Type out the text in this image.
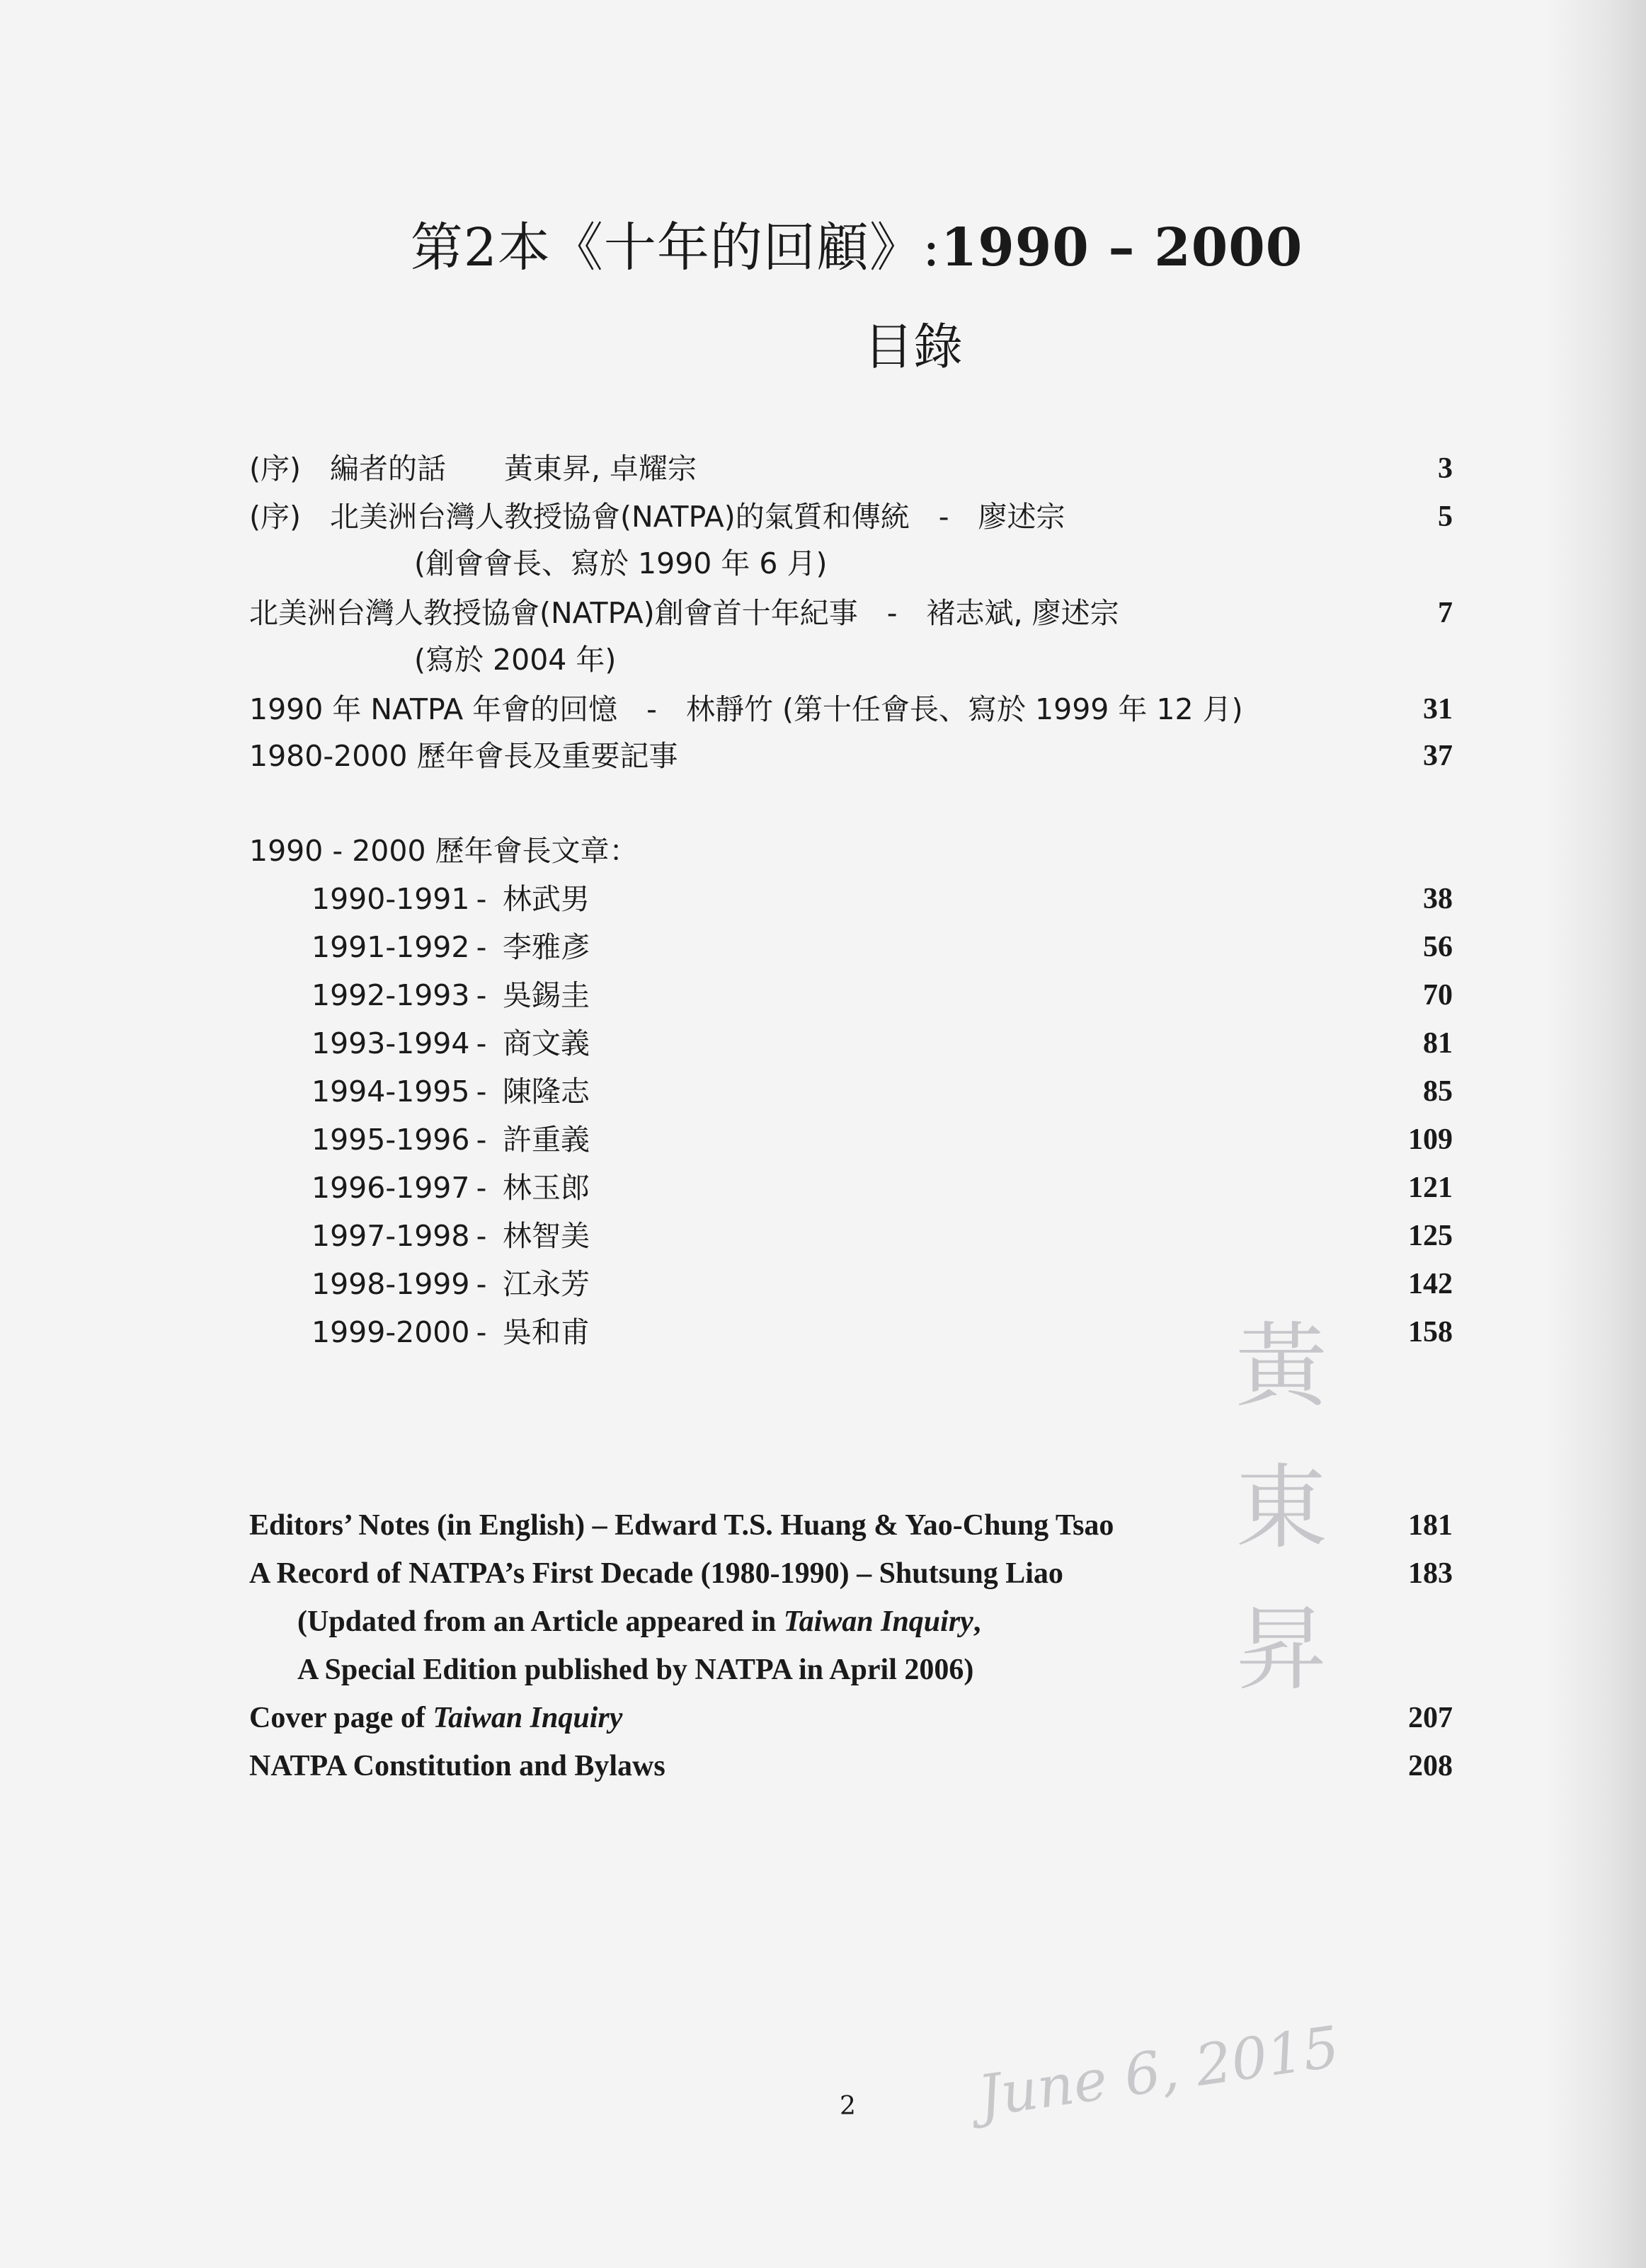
第2本《十年的回顧》:1990 – 2000
目錄
(序)　編者的話　　黃東昇, 卓耀宗	3
(序)　北美洲台灣人教授協會(NATPA)的氣質和傳統　-　廖述宗	5
(創會會長、寫於 1990 年 6 月)
北美洲台灣人教授協會(NATPA)創會首十年紀事　-　褚志斌, 廖述宗	7
(寫於 2004 年)
1990 年 NATPA 年會的回憶　-　林靜竹 (第十任會長、寫於 1999 年 12 月)	31
1980-2000 歷年會長及重要記事	37
1990 - 2000 歷年會長文章：
1990-1991-林武男	38
1991-1992-李雅彥	56
1992-1993-吳錫圭	70
1993-1994-商文義	81
1994-1995-陳隆志	85
1995-1996-許重義	109
1996-1997-林玉郎	121
1997-1998-林智美	125
1998-1999-江永芳	142
1999-2000-吳和甫	158
Editors’ Notes (in English) – Edward T.S. Huang & Yao-Chung Tsao	181
A Record of NATPA’s First Decade (1980-1990) – Shutsung Liao	183
(Updated from an Article appeared in Taiwan Inquiry,
A Special Edition published by NATPA in April 2006)
Cover page of Taiwan Inquiry	207
NATPA Constitution and Bylaws	208
黃
東
昇
June 6, 2015
2
